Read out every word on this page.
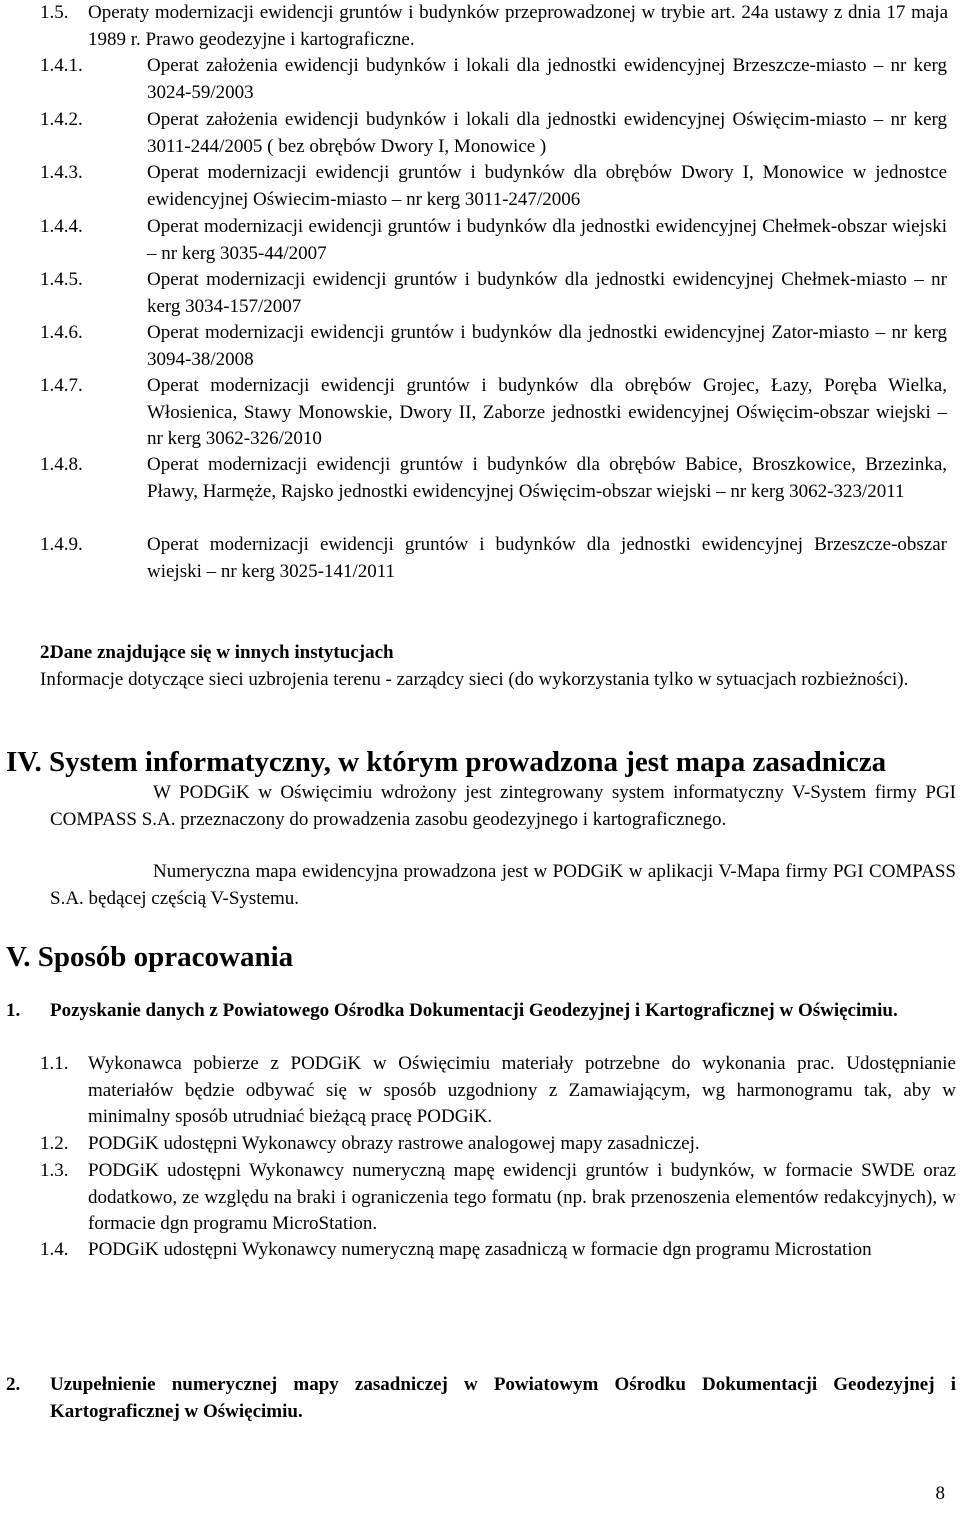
1.5. Operaty modernizacji ewidencji gruntów i budynków przeprowadzonej w trybie art. 24a ustawy z dnia 17 maja 1989 r. Prawo geodezyjne i kartograficzne.
1.4.1.	Operat założenia ewidencji budynków i lokali dla jednostki ewidencyjnej Brzeszcze-miasto – nr kerg 3024-59/2003
1.4.2.	Operat założenia ewidencji budynków i lokali dla jednostki ewidencyjnej Oświęcim-miasto – nr kerg 3011-244/2005 ( bez obrębów Dwory I, Monowice )
1.4.3.	Operat modernizacji ewidencji gruntów i budynków dla obrębów Dwory I, Monowice w jednostce ewidencyjnej Oświecim-miasto – nr kerg 3011-247/2006
1.4.4.	Operat modernizacji ewidencji gruntów i budynków dla jednostki ewidencyjnej Chełmek-obszar wiejski – nr kerg 3035-44/2007
1.4.5.	Operat modernizacji ewidencji gruntów i budynków dla jednostki ewidencyjnej Chełmek-miasto – nr kerg 3034-157/2007
1.4.6.	Operat modernizacji ewidencji gruntów i budynków dla jednostki ewidencyjnej Zator-miasto – nr kerg 3094-38/2008
1.4.7.	Operat modernizacji ewidencji gruntów i budynków dla obrębów Grojec, Łazy, Poręba Wielka, Włosienica, Stawy Monowskie, Dwory II, Zaborze jednostki ewidencyjnej Oświęcim-obszar wiejski – nr kerg 3062-326/2010
1.4.8.	Operat modernizacji ewidencji gruntów i budynków dla obrębów Babice, Broszkowice, Brzezinka, Pławy, Harmęże, Rajsko jednostki ewidencyjnej Oświęcim-obszar wiejski – nr kerg 3062-323/2011
1.4.9.	Operat modernizacji ewidencji gruntów i budynków dla jednostki ewidencyjnej Brzeszcze-obszar wiejski – nr kerg 3025-141/2011
2.
Dane znajdujące się w innych instytucjach
Informacje dotyczące sieci uzbrojenia terenu - zarządcy sieci (do wykorzystania tylko w sytuacjach rozbieżności).
IV. System informatyczny, w którym prowadzona jest mapa zasadnicza
W PODGiK w Oświęcimiu wdrożony jest zintegrowany system informatyczny V-System firmy PGI COMPASS S.A. przeznaczony do prowadzenia zasobu geodezyjnego i kartograficznego.
Numeryczna mapa ewidencyjna prowadzona jest w PODGiK w aplikacji V-Mapa firmy PGI COMPASS S.A. będącej częścią V-Systemu.
V. Sposób opracowania
1. Pozyskanie danych z Powiatowego Ośrodka Dokumentacji Geodezyjnej i Kartograficznej w Oświęcimiu.
1.1. Wykonawca pobierze z PODGiK w Oświęcimiu materiały potrzebne do wykonania prac. Udostępnianie materiałów będzie odbywać się w sposób uzgodniony z Zamawiającym, wg harmonogramu tak, aby w minimalny sposób utrudniać bieżącą pracę PODGiK.
1.2. PODGiK udostępni Wykonawcy obrazy rastrowe analogowej mapy zasadniczej.
1.3. PODGiK udostępni Wykonawcy numeryczną mapę ewidencji gruntów i budynków, w formacie SWDE oraz dodatkowo, ze względu na braki i ograniczenia tego formatu (np. brak przenoszenia elementów redakcyjnych), w formacie dgn programu MicroStation.
1.4. PODGiK udostępni Wykonawcy numeryczną mapę zasadniczą w formacie dgn programu Microstation
2. Uzupełnienie numerycznej mapy zasadniczej w Powiatowym Ośrodku Dokumentacji Geodezyjnej i Kartograficznej w Oświęcimiu.
8
